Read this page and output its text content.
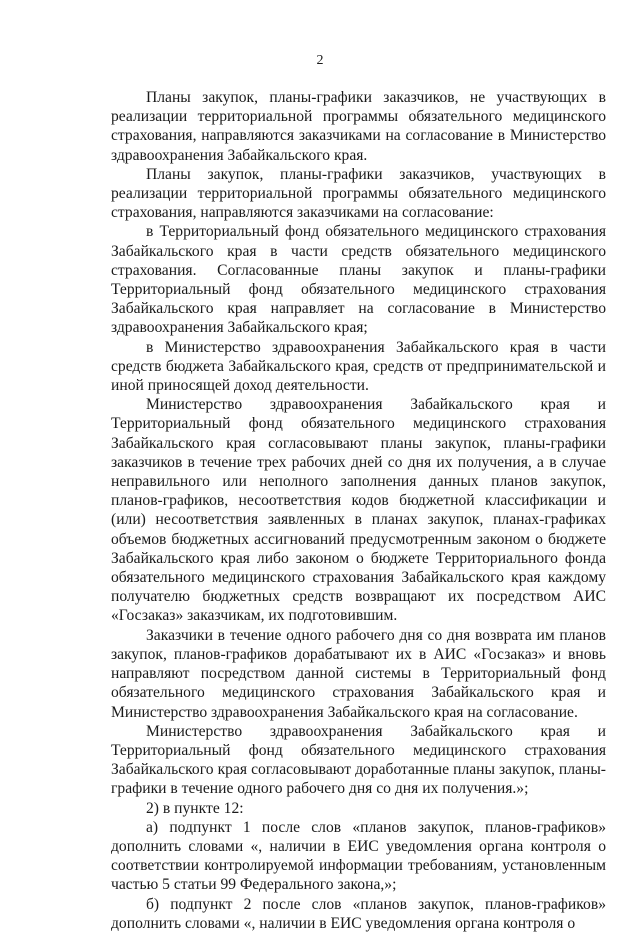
2

Планы закупок, планы-графики заказчиков, не участвующих в реализации территориальной программы обязательного медицинского страхования, направляются заказчиками на согласование в Министерство здравоохранения Забайкальского края.

Планы закупок, планы-графики заказчиков, участвующих в реализации территориальной программы обязательного медицинского страхования, направляются заказчиками на согласование:

в Территориальный фонд обязательного медицинского страхования Забайкальского края в части средств обязательного медицинского страхования. Согласованные планы закупок и планы-графики Территориальный фонд обязательного медицинского страхования Забайкальского края направляет на согласование в Министерство здравоохранения Забайкальского края;

в Министерство здравоохранения Забайкальского края в части средств бюджета Забайкальского края, средств от предпринимательской и иной приносящей доход деятельности.

Министерство здравоохранения Забайкальского края и Территориальный фонд обязательного медицинского страхования Забайкальского края согласовывают планы закупок, планы-графики заказчиков в течение трех рабочих дней со дня их получения, а в случае неправильного или неполного заполнения данных планов закупок, планов-графиков, несоответствия кодов бюджетной классификации и (или) несоответствия заявленных в планах закупок, планах-графиках объемов бюджетных ассигнований предусмотренным законом о бюджете Забайкальского края либо законом о бюджете Территориального фонда обязательного медицинского страхования Забайкальского края каждому получателю бюджетных средств возвращают их посредством АИС «Госзаказ» заказчикам, их подготовившим.

Заказчики в течение одного рабочего дня со дня возврата им планов закупок, планов-графиков дорабатывают их в АИС «Госзаказ» и вновь направляют посредством данной системы в Территориальный фонд обязательного медицинского страхования Забайкальского края и Министерство здравоохранения Забайкальского края на согласование.

Министерство здравоохранения Забайкальского края и Территориальный фонд обязательного медицинского страхования Забайкальского края согласовывают доработанные планы закупок, планы-графики в течение одного рабочего дня со дня их получения.»;

2) в пункте 12:

а) подпункт 1 после слов «планов закупок, планов-графиков» дополнить словами «, наличии в ЕИС уведомления органа контроля о соответствии контролируемой информации требованиям, установленным частью 5 статьи 99 Федерального закона,»;

б) подпункт 2 после слов «планов закупок, планов-графиков» дополнить словами «, наличии в ЕИС уведомления органа контроля о
